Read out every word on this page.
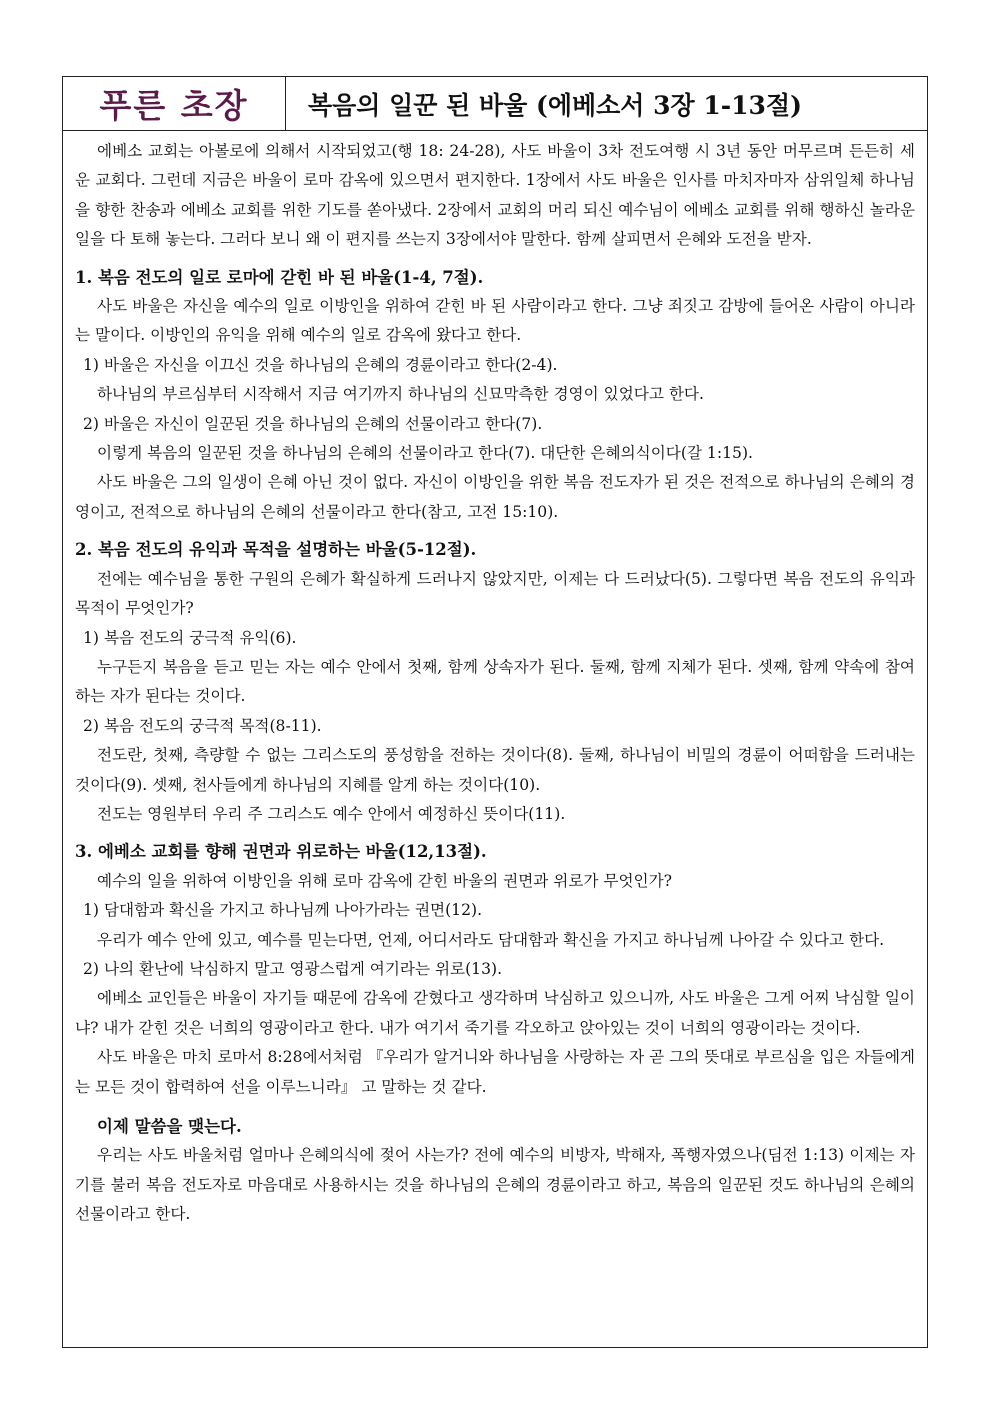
푸른 초장	복음의 일꾼 된 바울 (에베소서 3장 1-13절)

에베소 교회는 아볼로에 의해서 시작되었고(행 18: 24-28), 사도 바울이 3차 전도여행 시 3년 동안 머무르며 든든히 세운 교회다. 그런데 지금은 바울이 로마 감옥에 있으면서 편지한다. 1장에서 사도 바울은 인사를 마치자마자 삼위일체 하나님을 향한 찬송과 에베소 교회를 위한 기도를 쏟아냈다. 2장에서 교회의 머리 되신 예수님이 에베소 교회를 위해 행하신 놀라운 일을 다 토해 놓는다. 그러다 보니 왜 이 편지를 쓰는지 3장에서야 말한다. 함께 살피면서 은혜와 도전을 받자.

1. 복음 전도의 일로 로마에 갇힌 바 된 바울(1-4, 7절).

사도 바울은 자신을 예수의 일로 이방인을 위하여 갇힌 바 된 사람이라고 한다. 그냥 죄짓고 감방에 들어온 사람이 아니라는 말이다. 이방인의 유익을 위해 예수의 일로 감옥에 왔다고 한다.

1) 바울은 자신을 이끄신 것을 하나님의 은혜의 경륜이라고 한다(2-4).

하나님의 부르심부터 시작해서 지금 여기까지 하나님의 신묘막측한 경영이 있었다고 한다.

2) 바울은 자신이 일꾼된 것을 하나님의 은혜의 선물이라고 한다(7).

이렇게 복음의 일꾼된 것을 하나님의 은혜의 선물이라고 한다(7). 대단한 은혜의식이다(갈 1:15).

사도 바울은 그의 일생이 은혜 아닌 것이 없다. 자신이 이방인을 위한 복음 전도자가 된 것은 전적으로 하나님의 은혜의 경영이고, 전적으로 하나님의 은혜의 선물이라고 한다(참고, 고전 15:10).

2. 복음 전도의 유익과 목적을 설명하는 바울(5-12절).

전에는 예수님을 통한 구원의 은혜가 확실하게 드러나지 않았지만, 이제는 다 드러났다(5). 그렇다면 복음 전도의 유익과 목적이 무엇인가?

1) 복음 전도의 궁극적 유익(6).

누구든지 복음을 듣고 믿는 자는 예수 안에서 첫째, 함께 상속자가 된다. 둘째, 함께 지체가 된다. 셋째, 함께 약속에 참여하는 자가 된다는 것이다.

2) 복음 전도의 궁극적 목적(8-11).

전도란, 첫째, 측량할 수 없는 그리스도의 풍성함을 전하는 것이다(8). 둘째, 하나님이 비밀의 경륜이 어떠함을 드러내는 것이다(9). 셋째, 천사들에게 하나님의 지혜를 알게 하는 것이다(10).

전도는 영원부터 우리 주 그리스도 예수 안에서 예정하신 뜻이다(11).

3. 에베소 교회를 향해 권면과 위로하는 바울(12,13절).

예수의 일을 위하여 이방인을 위해 로마 감옥에 갇힌 바울의 권면과 위로가 무엇인가?

1) 담대함과 확신을 가지고 하나님께 나아가라는 권면(12).

우리가 예수 안에 있고, 예수를 믿는다면, 언제, 어디서라도 담대함과 확신을 가지고 하나님께 나아갈 수 있다고 한다.

2) 나의 환난에 낙심하지 말고 영광스럽게 여기라는 위로(13).

에베소 교인들은 바울이 자기들 때문에 감옥에 갇혔다고 생각하며 낙심하고 있으니까, 사도 바울은 그게 어찌 낙심할 일이냐? 내가 갇힌 것은 너희의 영광이라고 한다. 내가 여기서 죽기를 각오하고 앉아있는 것이 너희의 영광이라는 것이다.

사도 바울은 마치 로마서 8:28에서처럼 『우리가 알거니와 하나님을 사랑하는 자 곧 그의 뜻대로 부르심을 입은 자들에게는 모든 것이 합력하여 선을 이루느니라』 고 말하는 것 같다.

이제 말씀을 맺는다.

우리는 사도 바울처럼 얼마나 은혜의식에 젖어 사는가? 전에 예수의 비방자, 박해자, 폭행자였으나(딤전 1:13) 이제는 자기를 불러 복음 전도자로 마음대로 사용하시는 것을 하나님의 은혜의 경륜이라고 하고, 복음의 일꾼된 것도 하나님의 은혜의 선물이라고 한다.
